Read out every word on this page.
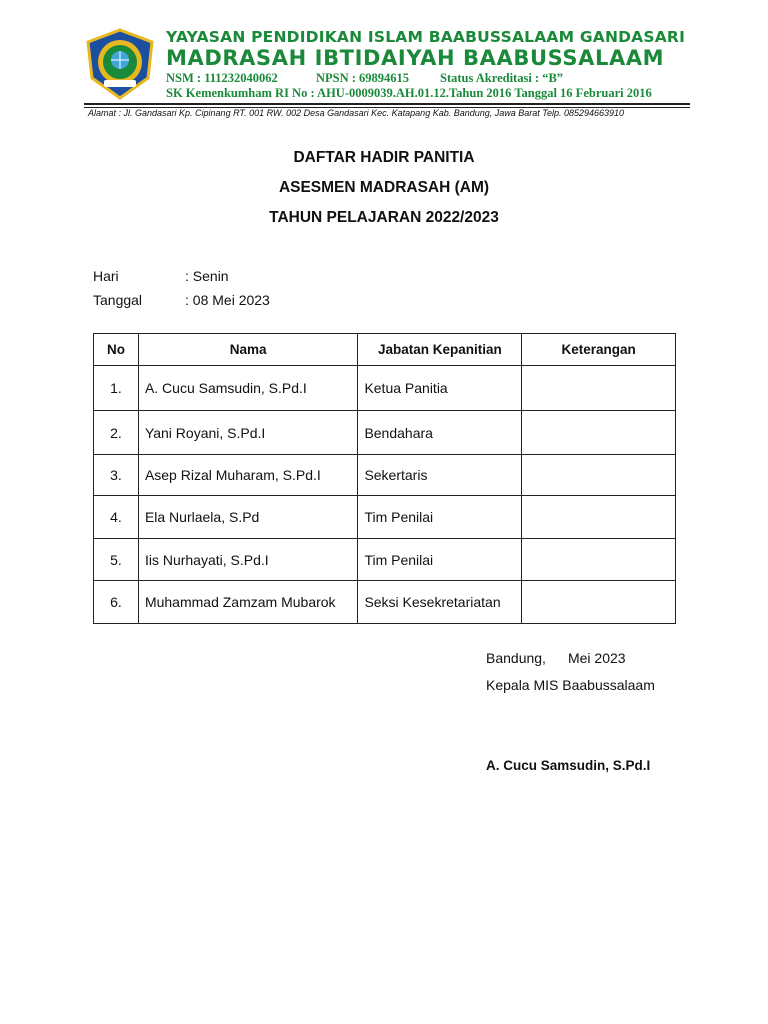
YAYASAN PENDIDIKAN ISLAM BAABUSSALAAM GANDASARI
MADRASAH IBTIDAIYAH BAABUSSALAAM
NSM : 111232040062	NPSN : 69894615 Status Akreditasi : “B”
SK Kemenkumham RI No : AHU-0009039.AH.01.12.Tahun 2016 Tanggal 16 Februari 2016
Alamat : Jl. Gandasari Kp. Cipinang RT. 001 RW. 002 Desa Gandasari Kec. Katapang Kab. Bandung, Jawa Barat Telp. 085294663910
DAFTAR HADIR PANITIA
ASESMEN MADRASAH (AM)
TAHUN PELAJARAN 2022/2023
Hari	: Senin
Tanggal	: 08 Mei 2023
No	Nama	Jabatan Kepanitian	Keterangan
1.	A. Cucu Samsudin, S.Pd.I	Ketua Panitia	
2.	Yani Royani, S.Pd.I	Bendahara	
3.	Asep Rizal Muharam, S.Pd.I	Sekertaris	
4.	Ela Nurlaela, S.Pd	Tim Penilai	
5.	Iis Nurhayati, S.Pd.I	Tim Penilai	
6.	Muhammad Zamzam Mubarok	Seksi Kesekretariatan	
Bandung, Mei 2023
Kepala MIS Baabussalaam
A. Cucu Samsudin, S.Pd.I
